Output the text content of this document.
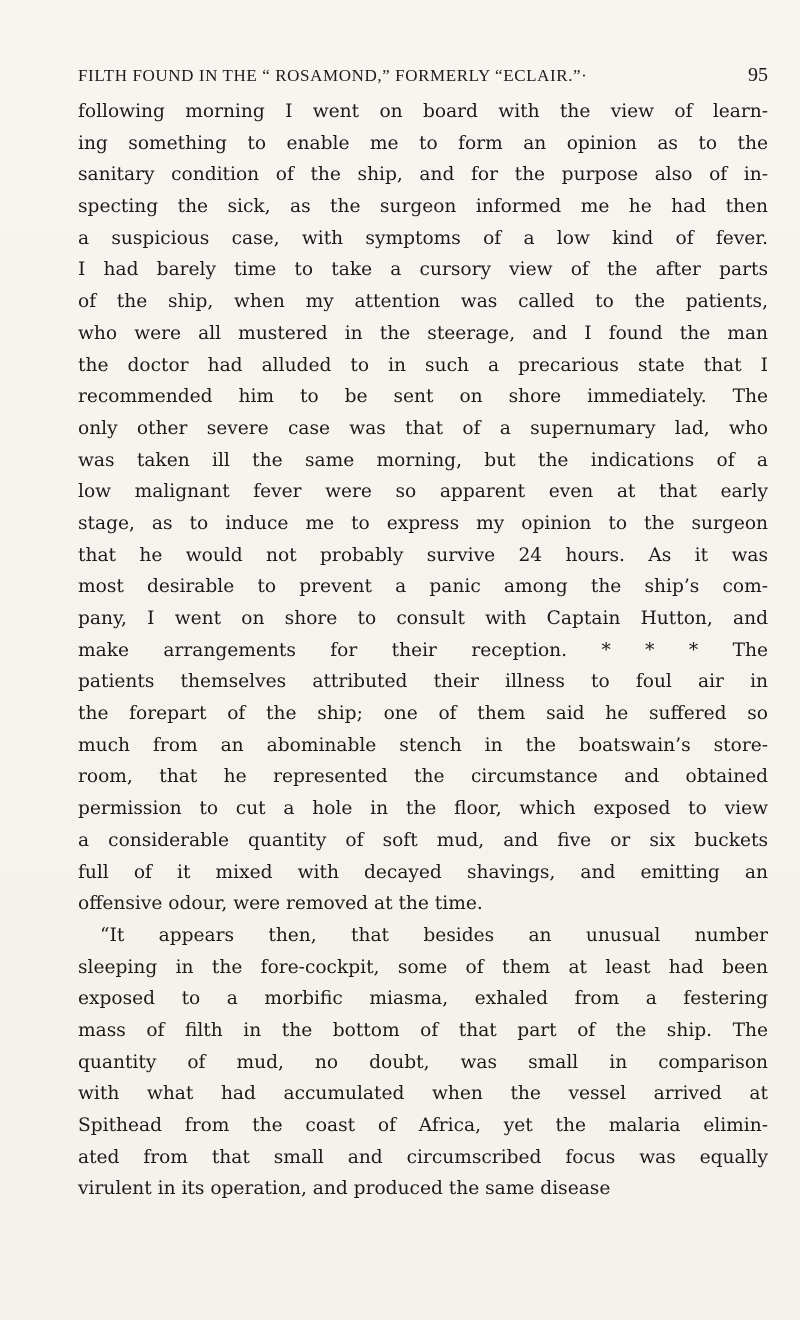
FILTH FOUND IN THE “ ROSAMOND,” FORMERLY “ECLAIR.”·	95
following morning I went on board with the view of learn-
ing something to enable me to form an opinion as to the
sanitary condition of the ship, and for the purpose also of in-
specting the sick, as the surgeon informed me he had then
a suspicious case, with symptoms of a low kind of fever.
I had barely time to take a cursory view of the after parts
of the ship, when my attention was called to the patients,
who were all mustered in the steerage, and I found the man
the doctor had alluded to in such a precarious state that I
recommended him to be sent on shore immediately. The
only other severe case was that of a supernumary lad, who
was taken ill the same morning, but the indications of a
low malignant fever were so apparent even at that early
stage, as to induce me to express my opinion to the surgeon
that he would not probably survive 24 hours. As it was
most desirable to prevent a panic among the ship’s com-
pany, I went on shore to consult with Captain Hutton, and
make arrangements for their reception. * * * The
patients themselves attributed their illness to foul air in
the forepart of the ship; one of them said he suffered so
much from an abominable stench in the boatswain’s store-
room, that he represented the circumstance and obtained
permission to cut a hole in the floor, which exposed to view
a considerable quantity of soft mud, and five or six buckets
full of it mixed with decayed shavings, and emitting an
offensive odour, were removed at the time.
“It appears then, that besides an unusual number
sleeping in the fore-cockpit, some of them at least had been
exposed to a morbific miasma, exhaled from a festering
mass of filth in the bottom of that part of the ship. The
quantity of mud, no doubt, was small in comparison
with what had accumulated when the vessel arrived at
Spithead from the coast of Africa, yet the malaria elimin-
ated from that small and circumscribed focus was equally
virulent in its operation, and produced the same disease
